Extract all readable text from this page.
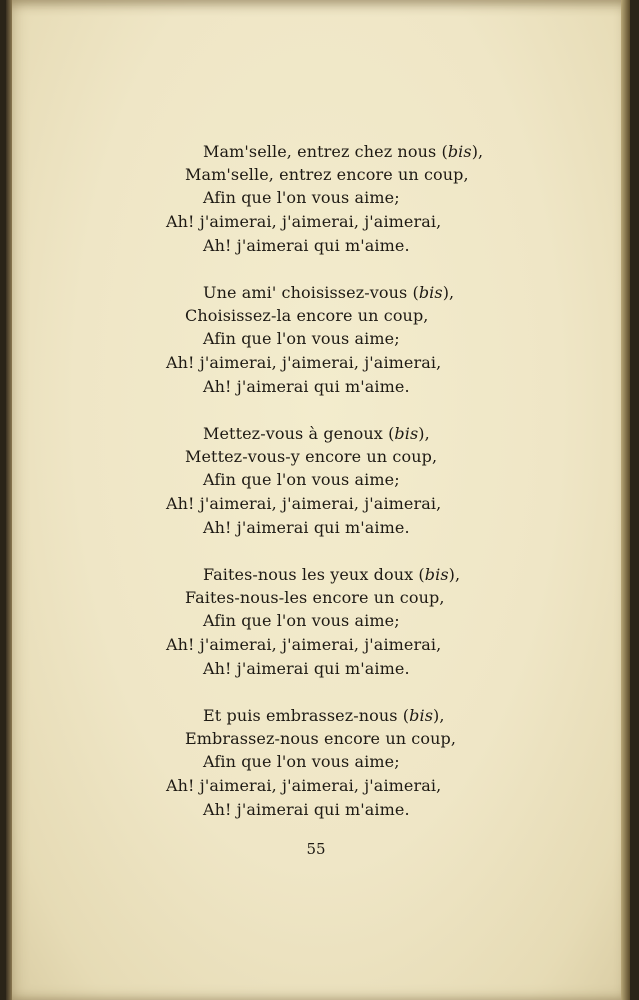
Mam'selle, entrez chez nous (bis),
Mam'selle, entrez encore un coup,
Afin que l'on vous aime;
Ah! j'aimerai, j'aimerai, j'aimerai,
Ah! j'aimerai qui m'aime.
Une ami' choisissez-vous (bis),
Choisissez-la encore un coup,
Afin que l'on vous aime;
Ah! j'aimerai, j'aimerai, j'aimerai,
Ah! j'aimerai qui m'aime.
Mettez-vous à genoux (bis),
Mettez-vous-y encore un coup,
Afin que l'on vous aime;
Ah! j'aimerai, j'aimerai, j'aimerai,
Ah! j'aimerai qui m'aime.
Faites-nous les yeux doux (bis),
Faites-nous-les encore un coup,
Afin que l'on vous aime;
Ah! j'aimerai, j'aimerai, j'aimerai,
Ah! j'aimerai qui m'aime.
Et puis embrassez-nous (bis),
Embrassez-nous encore un coup,
Afin que l'on vous aime;
Ah! j'aimerai, j'aimerai, j'aimerai,
Ah! j'aimerai qui m'aime.
55
